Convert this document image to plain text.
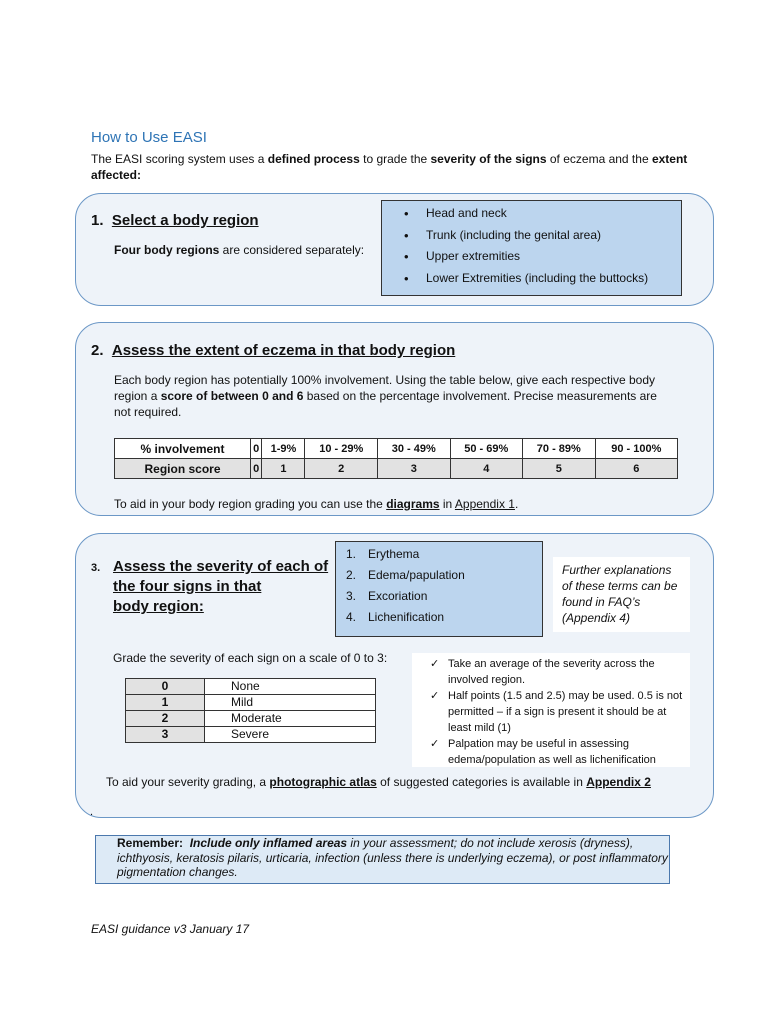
How to Use EASI
The EASI scoring system uses a defined process to grade the severity of the signs of eczema and the extent affected:
1. Select a body region
Four body regions are considered separately:
• Head and neck
• Trunk (including the genital area)
• Upper extremities
• Lower Extremities (including the buttocks)
2. Assess the extent of eczema in that body region
Each body region has potentially 100% involvement. Using the table below, give each respective body region a score of between 0 and 6 based on the percentage involvement. Precise measurements are not required.
% involvement	0	1-9%	10 - 29%	30 - 49%	50 - 69%	70 - 89%	90 - 100%
Region score	0	1	2	3	4	5	6
To aid in your body region grading you can use the diagrams in Appendix 1.
3. Assess the severity of each of
the four signs in that
body region:
1. Erythema
2. Edema/papulation
3. Excoriation
4. Lichenification
Further explanations of these terms can be found in FAQ’s (Appendix 4)
Grade the severity of each sign on a scale of 0 to 3:
0	None
1	Mild
2	Moderate
3	Severe
✓ Take an average of the severity across the involved region.
✓ Half points (1.5 and 2.5) may be used. 0.5 is not permitted – if a sign is present it should be at least mild (1)
✓ Palpation may be useful in assessing edema/population as well as lichenification
To aid your severity grading, a photographic atlas of suggested categories is available in Appendix 2
.
Remember: Include only inflamed areas in your assessment; do not include xerosis (dryness), ichthyosis, keratosis pilaris, urticaria, infection (unless there is underlying eczema), or post inflammatory pigmentation changes.
EASI guidance v3 January 17
